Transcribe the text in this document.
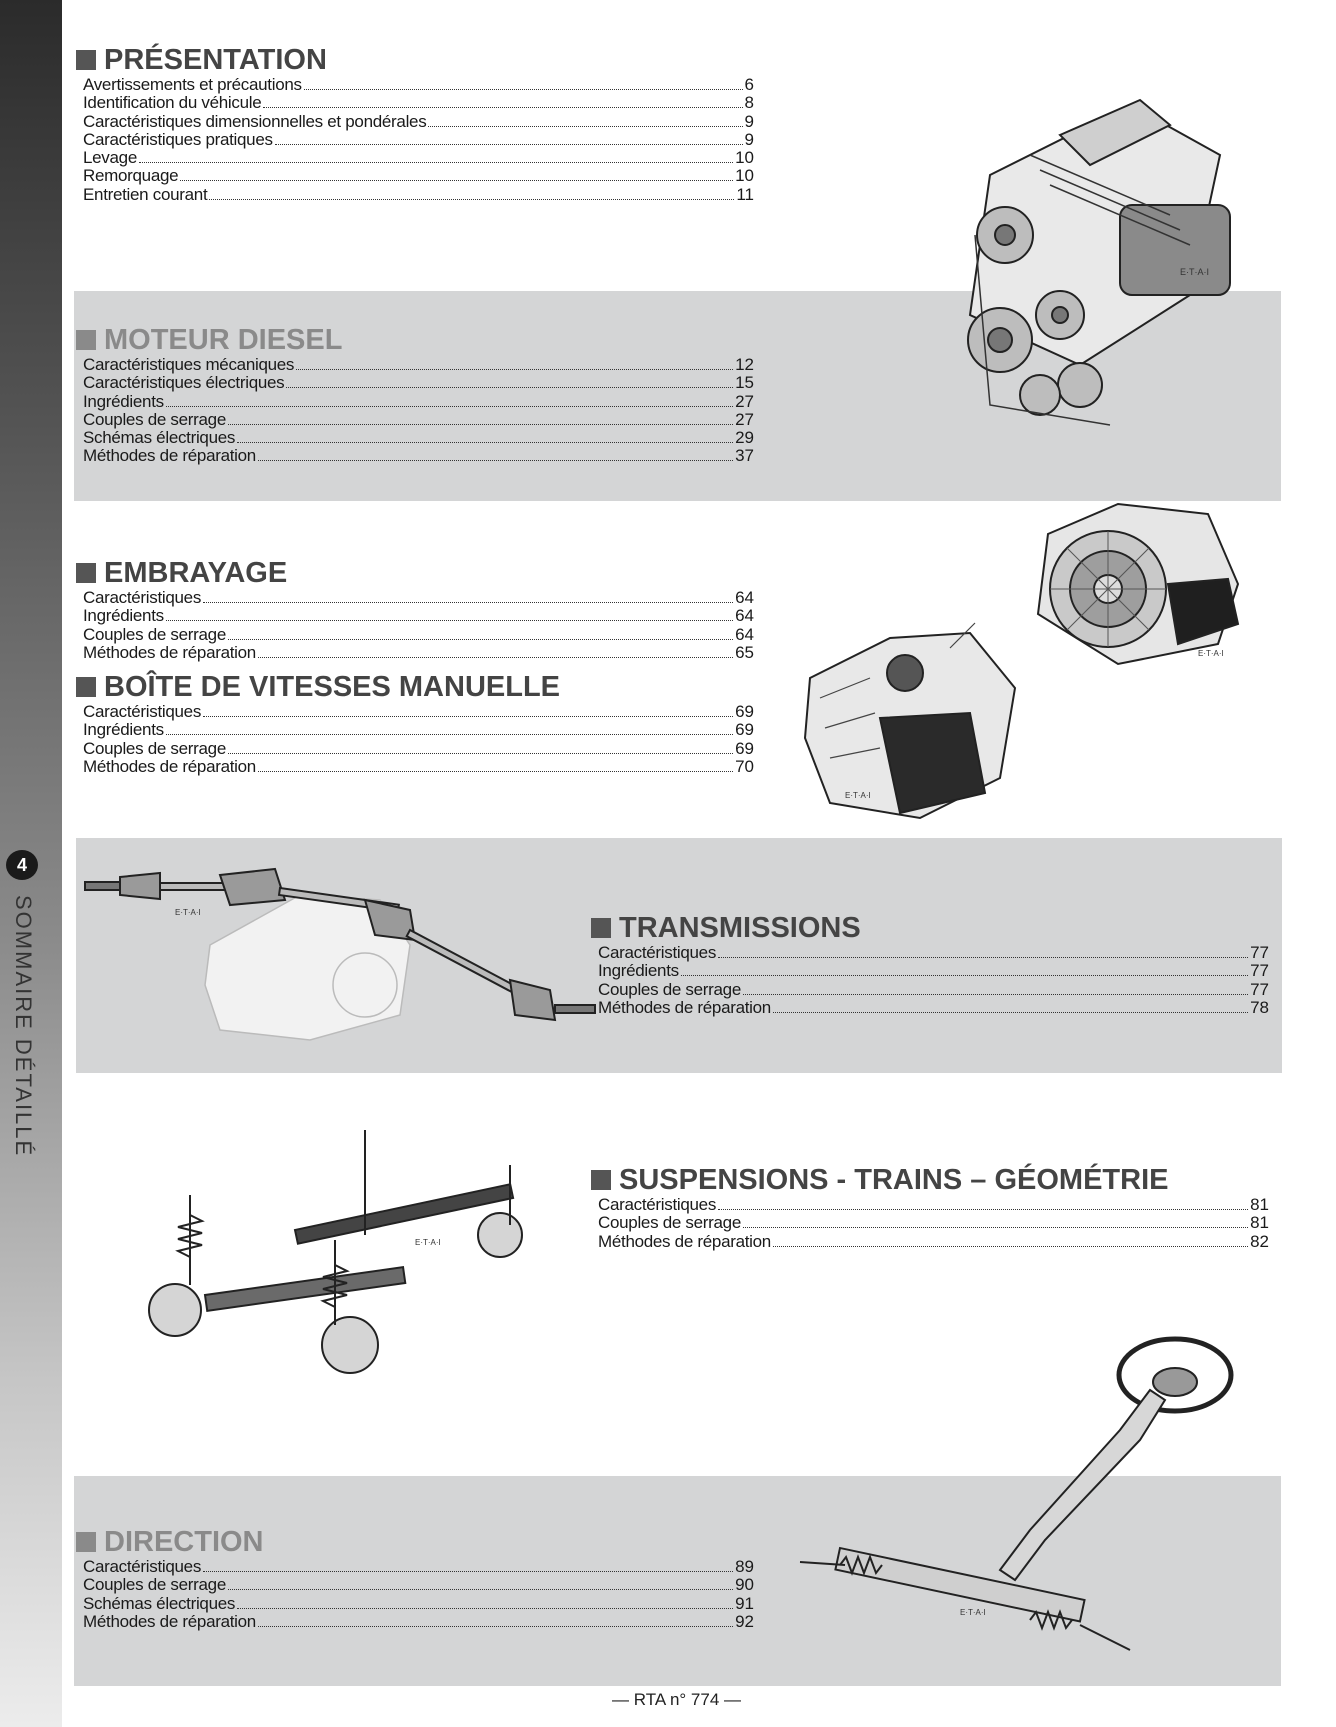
4
SOMMAIRE DÉTAILLÉ
PRÉSENTATION
Avertissements et précautions	6
Identification du véhicule	8
Caractéristiques dimensionnelles et pondérales	9
Caractéristiques pratiques	9
Levage	10
Remorquage	10
Entretien courant	11
MOTEUR DIESEL
Caractéristiques mécaniques	12
Caractéristiques électriques	15
Ingrédients	27
Couples de serrage	27
Schémas électriques	29
Méthodes de réparation	37
EMBRAYAGE
Caractéristiques	64
Ingrédients	64
Couples de serrage	64
Méthodes de réparation	65
BOÎTE DE VITESSES MANUELLE
Caractéristiques	69
Ingrédients	69
Couples de serrage	69
Méthodes de réparation	70
TRANSMISSIONS
Caractéristiques	77
Ingrédients	77
Couples de serrage	77
Méthodes de réparation	78
SUSPENSIONS - TRAINS – GÉOMÉTRIE
Caractéristiques	81
Couples de serrage	81
Méthodes de réparation	82
DIRECTION
Caractéristiques	89
Couples de serrage	90
Schémas électriques	91
Méthodes de réparation	92
E·T·A·I
E·T·A·I
E·T·A·I
E·T·A·I
E·T·A·I
E·T·A·I
— RTA n° 774 —
